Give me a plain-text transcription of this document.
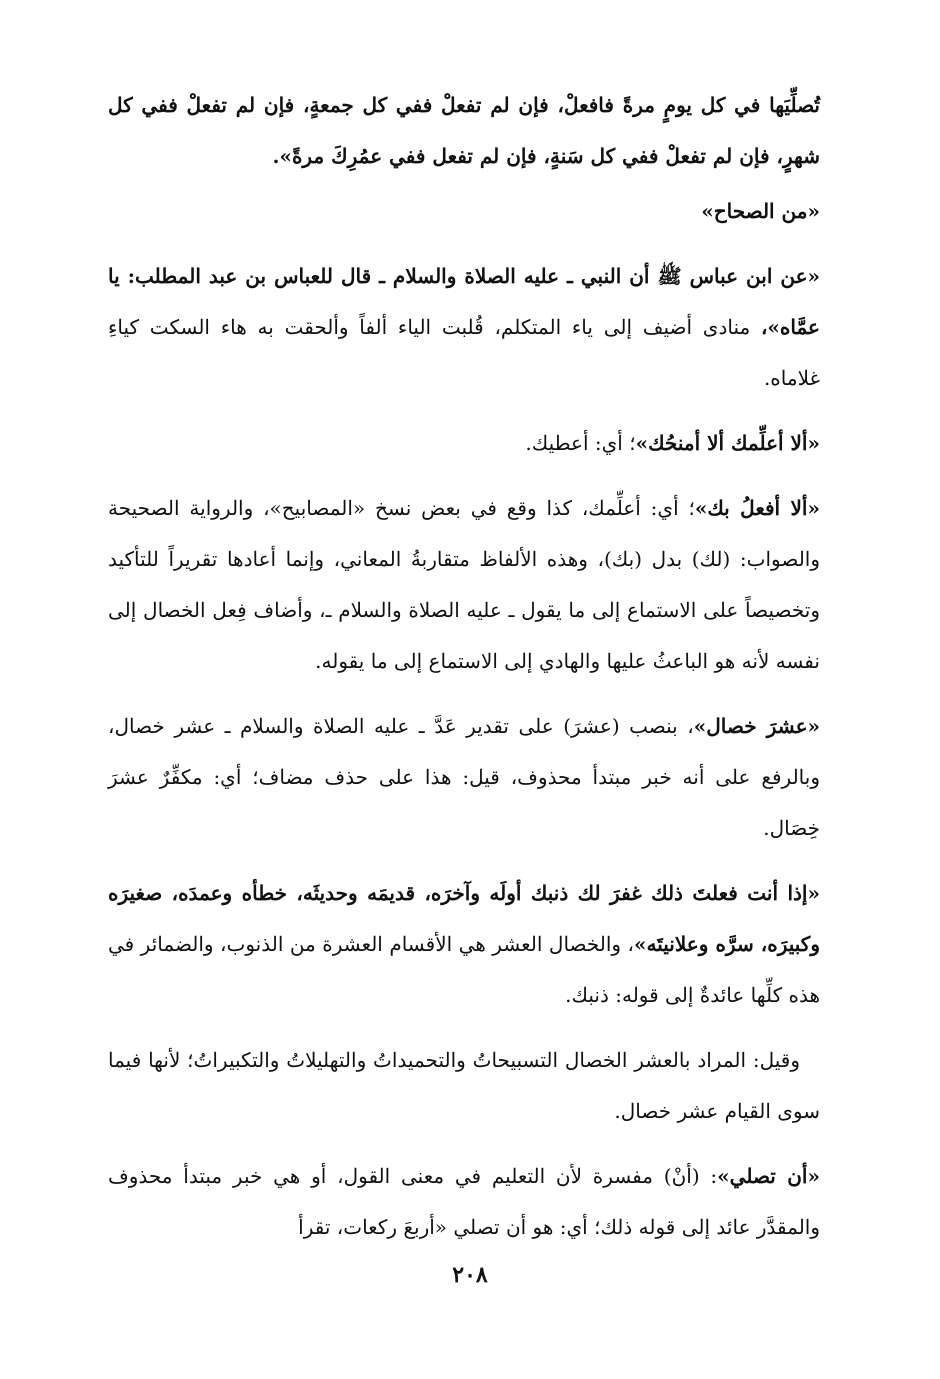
تُصلِّيَها في كل يومٍ مرةً فافعلْ، فإن لم تفعلْ ففي كل جمعةٍ، فإن لم تفعلْ ففي كل شهرٍ، فإن لم تفعلْ ففي كل سَنةٍ، فإن لم تفعل ففي عمُرِكَ مرةً».

«من الصحاح»

«عن ابن عباس ﷺ أن النبي ـ عليه الصلاة والسلام ـ قال للعباس بن عبد المطلب: يا عمَّاه»، منادى أضيف إلى ياء المتكلم، قُلبت الياء ألفاً وألحقت به هاء السكت كياءِ غلاماه.

«ألا أعلِّمك ألا أمنحُك»؛ أي: أعطيك.

«ألا أفعلُ بك»؛ أي: أعلِّمك، كذا وقع في بعض نسخ «المصابيح»، والرواية الصحيحة والصواب: (لك) بدل (بك)، وهذه الألفاظ متقاربةُ المعاني، وإنما أعادها تقريراً للتأكيد وتخصيصاً على الاستماع إلى ما يقول ـ عليه الصلاة والسلام ـ، وأضاف فِعل الخصال إلى نفسه لأنه هو الباعثُ عليها والهادي إلى الاستماع إلى ما يقوله.

«عشرَ خصال»، بنصب (عشرَ) على تقدير عَدَّ ـ عليه الصلاة والسلام ـ عشر خصال، وبالرفع على أنه خبر مبتدأ محذوف، قيل: هذا على حذف مضاف؛ أي: مكفِّرٌ عشرَ خِصَال.

«إذا أنت فعلتَ ذلك غفرَ لك ذنبك أولَه وآخرَه، قديمَه وحديثَه، خطأه وعمدَه، صغيرَه وكبيرَه، سرَّه وعلانيتَه»، والخصال العشر هي الأقسام العشرة من الذنوب، والضمائر في هذه كلِّها عائدةٌ إلى قوله: ذنبك.

وقيل: المراد بالعشر الخصال التسبيحاتُ والتحميداتُ والتهليلاتُ والتكبيراتُ؛ لأنها فيما سوى القيام عشر خصال.

«أن تصلي»: (أنْ) مفسرة لأن التعليم في معنى القول، أو هي خبر مبتدأ محذوف والمقدَّر عائد إلى قوله ذلك؛ أي: هو أن تصلي «أربعَ ركعات، تقرأ

٢٠٨
